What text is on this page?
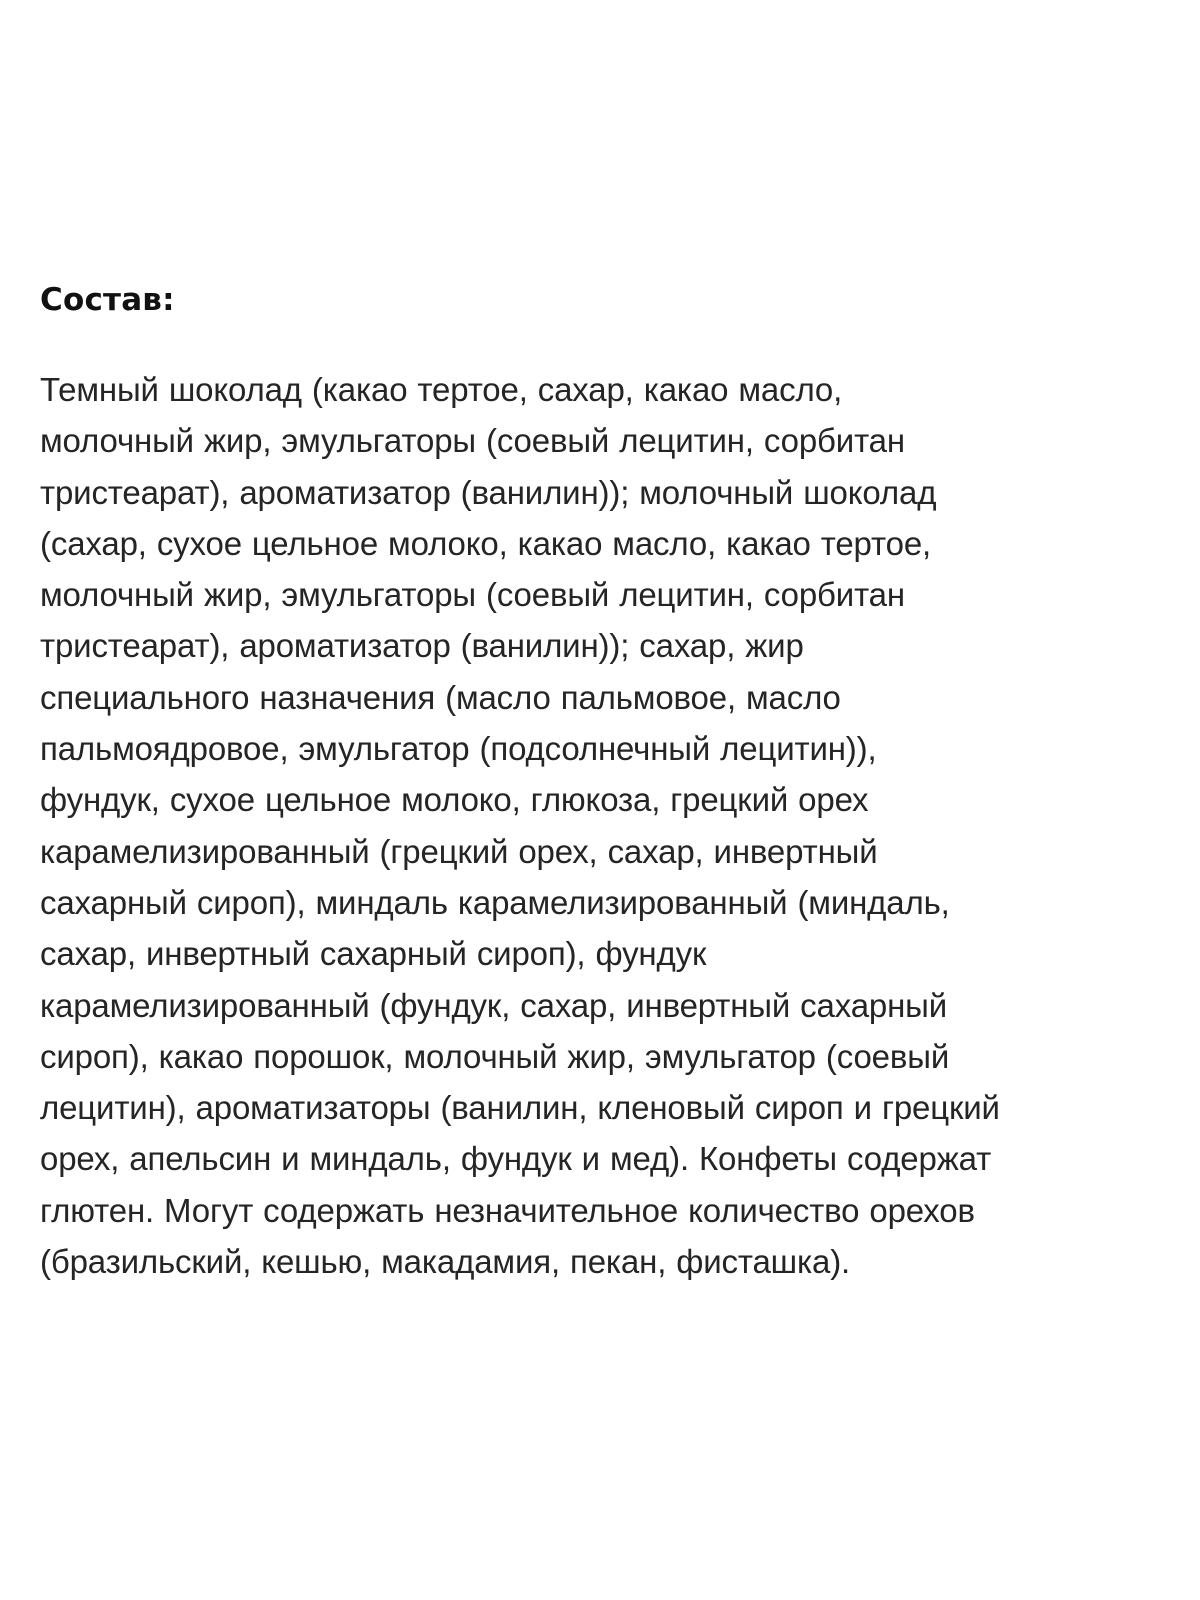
Состав:
Темный шоколад (какао тертое, сахар, какао масло,
молочный жир, эмульгаторы (соевый лецитин, сорбитан
тристеарат), ароматизатор (ванилин)); молочный шоколад
(сахар, сухое цельное молоко, какао масло, какао тертое,
молочный жир, эмульгаторы (соевый лецитин, сорбитан
тристеарат), ароматизатор (ванилин)); сахар, жир
специального назначения (масло пальмовое, масло
пальмоядровое, эмульгатор (подсолнечный лецитин)),
фундук, сухое цельное молоко, глюкоза, грецкий орех
карамелизированный (грецкий орех, сахар, инвертный
сахарный сироп), миндаль карамелизированный (миндаль,
сахар, инвертный сахарный сироп), фундук
карамелизированный (фундук, сахар, инвертный сахарный
сироп), какао порошок, молочный жир, эмульгатор (соевый
лецитин), ароматизаторы (ванилин, кленовый сироп и грецкий
орех, апельсин и миндаль, фундук и мед). Конфеты содержат
глютен. Могут содержать незначительное количество орехов
(бразильский, кешью, макадамия, пекан, фисташка).
